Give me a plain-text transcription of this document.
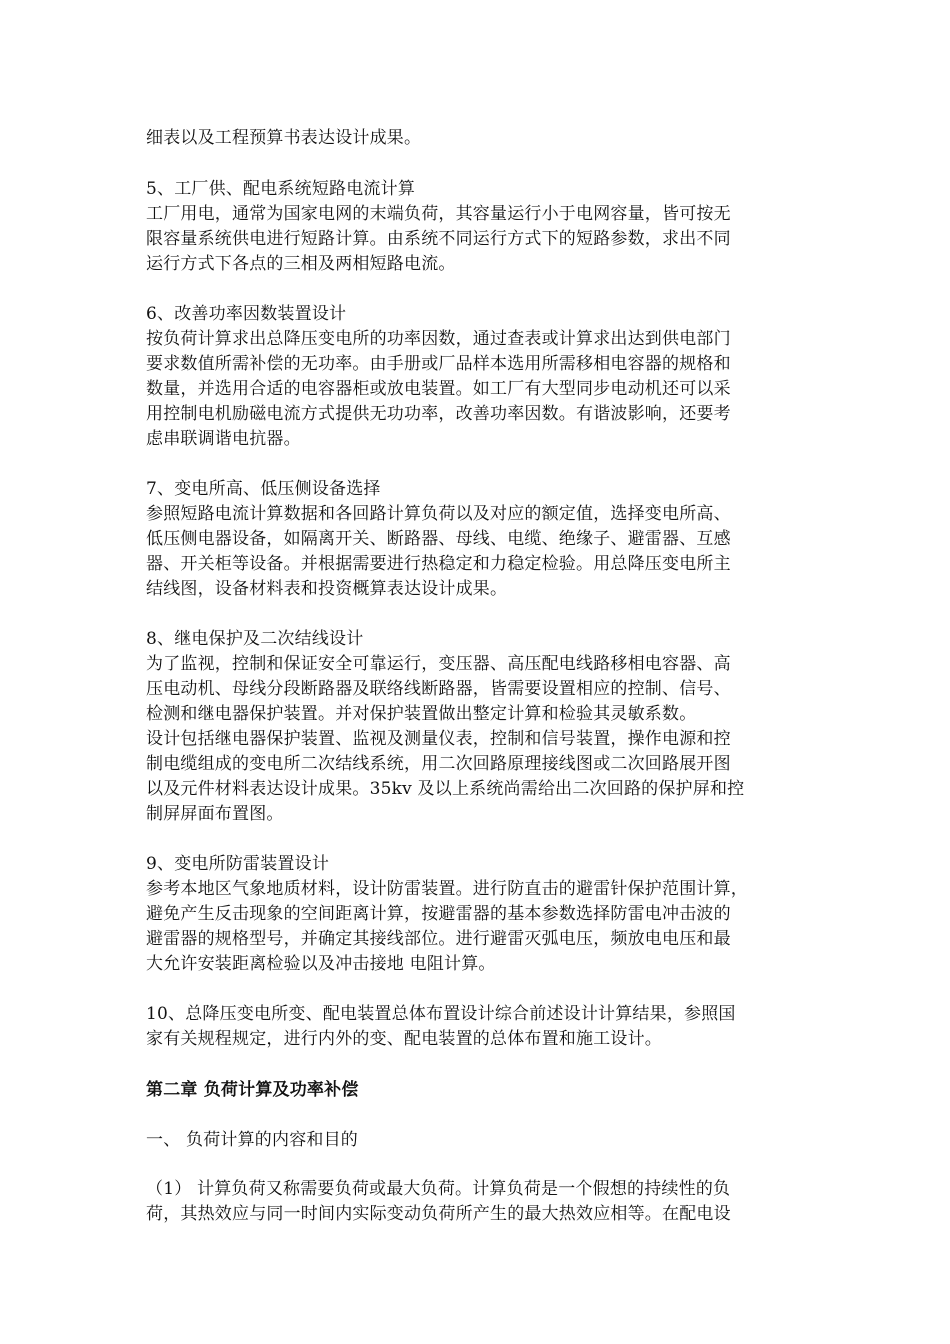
细表以及工程预算书表达设计成果。
5、工厂供、配电系统短路电流计算
工厂用电，通常为国家电网的末端负荷，其容量运行小于电网容量，皆可按无
限容量系统供电进行短路计算。由系统不同运行方式下的短路参数，求出不同
运行方式下各点的三相及两相短路电流。
6、改善功率因数装置设计
按负荷计算求出总降压变电所的功率因数，通过查表或计算求出达到供电部门
要求数值所需补偿的无功率。由手册或厂品样本选用所需移相电容器的规格和
数量，并选用合适的电容器柜或放电装置。如工厂有大型同步电动机还可以采
用控制电机励磁电流方式提供无功功率，改善功率因数。有谐波影响，还要考
虑串联调谐电抗器。
7、变电所高、低压侧设备选择
参照短路电流计算数据和各回路计算负荷以及对应的额定值，选择变电所高、
低压侧电器设备，如隔离开关、断路器、母线、电缆、绝缘子、避雷器、互感
器、开关柜等设备。并根据需要进行热稳定和力稳定检验。用总降压变电所主
结线图，设备材料表和投资概算表达设计成果。
8、继电保护及二次结线设计
为了监视，控制和保证安全可靠运行，变压器、高压配电线路移相电容器、高
压电动机、母线分段断路器及联络线断路器，皆需要设置相应的控制、信号、
检测和继电器保护装置。并对保护装置做出整定计算和检验其灵敏系数。
设计包括继电器保护装置、监视及测量仪表，控制和信号装置，操作电源和控
制电缆组成的变电所二次结线系统，用二次回路原理接线图或二次回路展开图
以及元件材料表达设计成果。35kv 及以上系统尚需给出二次回路的保护屏和控
制屏屏面布置图。
9、变电所防雷装置设计
参考本地区气象地质材料，设计防雷装置。进行防直击的避雷针保护范围计算，
避免产生反击现象的空间距离计算，按避雷器的基本参数选择防雷电冲击波的
避雷器的规格型号，并确定其接线部位。进行避雷灭弧电压，频放电电压和最
大允许安装距离检验以及冲击接地 电阻计算。
10、总降压变电所变、配电装置总体布置设计综合前述设计计算结果，参照国
家有关规程规定，进行内外的变、配电装置的总体布置和施工设计。
第二章 负荷计算及功率补偿
一、 负荷计算的内容和目的
（1） 计算负荷又称需要负荷或最大负荷。计算负荷是一个假想的持续性的负
荷，其热效应与同一时间内实际变动负荷所产生的最大热效应相等。在配电设
